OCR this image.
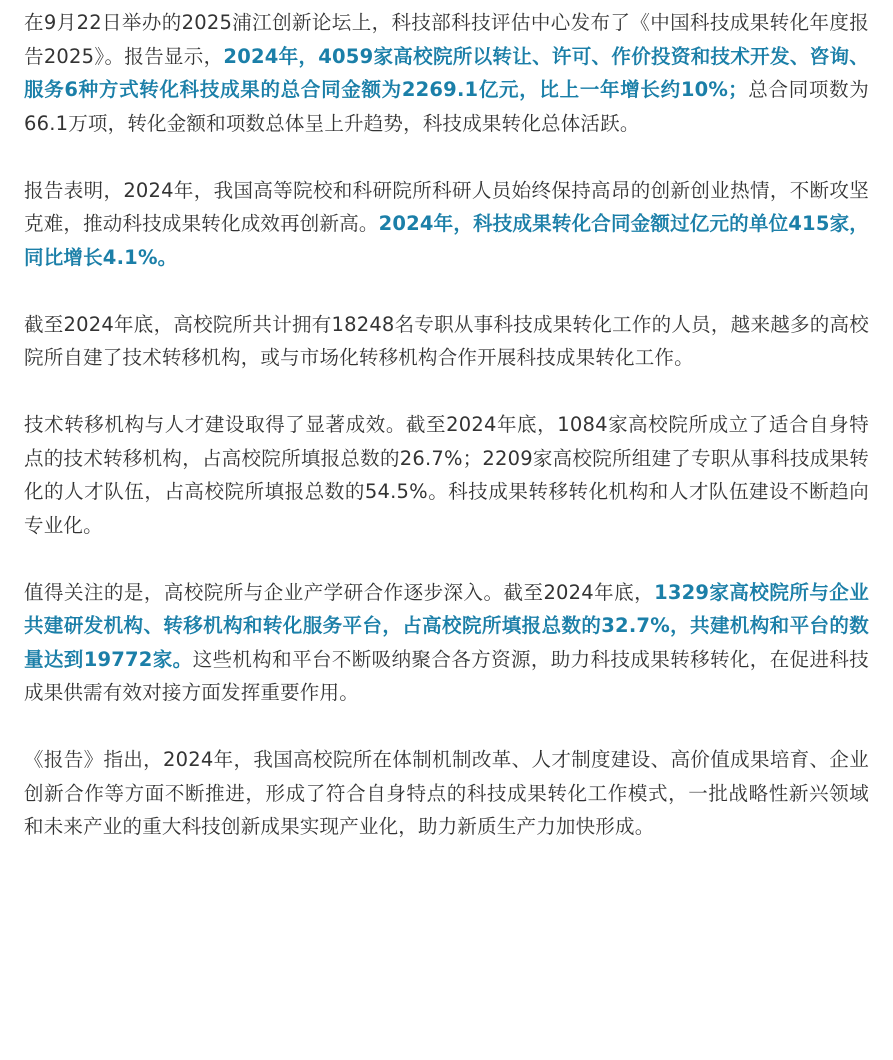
在9月22日举办的2025浦江创新论坛上，科技部科技评估中心发布了《中国科技成果转化年度报告2025》。报告显示，2024年，4059家高校院所以转让、许可、作价投资和技术开发、咨询、服务6种方式转化科技成果的总合同金额为2269.1亿元，比上一年增长约10%；总合同项数为66.1万项，转化金额和项数总体呈上升趋势，科技成果转化总体活跃。

报告表明，2024年，我国高等院校和科研院所科研人员始终保持高昂的创新创业热情，不断攻坚克难，推动科技成果转化成效再创新高。2024年，科技成果转化合同金额过亿元的单位415家，同比增长4.1%。

截至2024年底，高校院所共计拥有18248名专职从事科技成果转化工作的人员，越来越多的高校院所自建了技术转移机构，或与市场化转移机构合作开展科技成果转化工作。

技术转移机构与人才建设取得了显著成效。截至2024年底，1084家高校院所成立了适合自身特点的技术转移机构，占高校院所填报总数的26.7%；2209家高校院所组建了专职从事科技成果转化的人才队伍，占高校院所填报总数的54.5%。科技成果转移转化机构和人才队伍建设不断趋向专业化。

值得关注的是，高校院所与企业产学研合作逐步深入。截至2024年底，1329家高校院所与企业共建研发机构、转移机构和转化服务平台，占高校院所填报总数的32.7%，共建机构和平台的数量达到19772家。这些机构和平台不断吸纳聚合各方资源，助力科技成果转移转化，在促进科技成果供需有效对接方面发挥重要作用。

《报告》指出，2024年，我国高校院所在体制机制改革、人才制度建设、高价值成果培育、企业创新合作等方面不断推进，形成了符合自身特点的科技成果转化工作模式，一批战略性新兴领域和未来产业的重大科技创新成果实现产业化，助力新质生产力加快形成。
